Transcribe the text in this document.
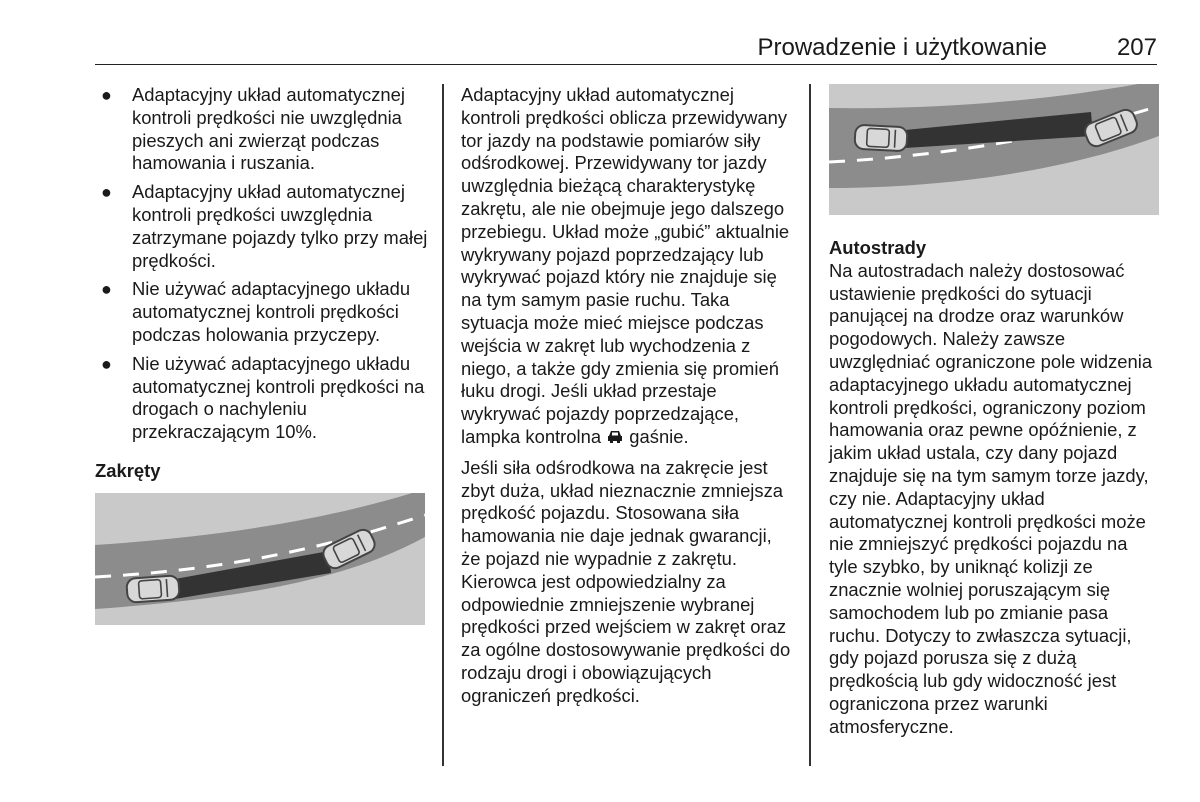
Prowadzenie i użytkowanie	207
● Adaptacyjny układ automatycznej kontroli prędkości nie uwzględnia pieszych ani zwierząt podczas hamowania i ruszania.
● Adaptacyjny układ automatycznej kontroli prędkości uwzględnia zatrzymane pojazdy tylko przy małej prędkości.
● Nie używać adaptacyjnego układu automatycznej kontroli prędkości podczas holowania przyczepy.
● Nie używać adaptacyjnego układu automatycznej kontroli prędkości na drogach o nachyleniu przekraczającym 10%.
Zakręty

Adaptacyjny układ automatycznej kontroli prędkości oblicza przewidywany tor jazdy na podstawie pomiarów siły odśrodkowej. Przewidywany tor jazdy uwzględnia bieżącą charakterystykę zakrętu, ale nie obejmuje jego dalszego przebiegu. Układ może „gubić” aktualnie wykrywany pojazd poprzedzający lub wykrywać pojazd który nie znajduje się na tym samym pasie ruchu. Taka sytuacja może mieć miejsce podczas wejścia w zakręt lub wychodzenia z niego, a także gdy zmienia się promień łuku drogi. Jeśli układ przestaje wykrywać pojazdy poprzedzające, lampka kontrolna  gaśnie.

Jeśli siła odśrodkowa na zakręcie jest zbyt duża, układ nieznacznie zmniejsza prędkość pojazdu. Stosowana siła hamowania nie daje jednak gwarancji, że pojazd nie wypadnie z zakrętu. Kierowca jest odpowiedzialny za odpowiednie zmniejszenie wybranej prędkości przed wejściem w zakręt oraz za ogólne dostosowywanie prędkości do rodzaju drogi i obowiązujących ograniczeń prędkości.

Autostrady

Na autostradach należy dostosować ustawienie prędkości do sytuacji panującej na drodze oraz warunków pogodowych. Należy zawsze uwzględniać ograniczone pole widzenia adaptacyjnego układu automatycznej kontroli prędkości, ograniczony poziom hamowania oraz pewne opóźnienie, z jakim układ ustala, czy dany pojazd znajduje się na tym samym torze jazdy, czy nie. Adaptacyjny układ automatycznej kontroli prędkości może nie zmniejszyć prędkości pojazdu na tyle szybko, by uniknąć kolizji ze znacznie wolniej poruszającym się samochodem lub po zmianie pasa ruchu. Dotyczy to zwłaszcza sytuacji, gdy pojazd porusza się z dużą prędkością lub gdy widoczność jest ograniczona przez warunki atmosferyczne.
